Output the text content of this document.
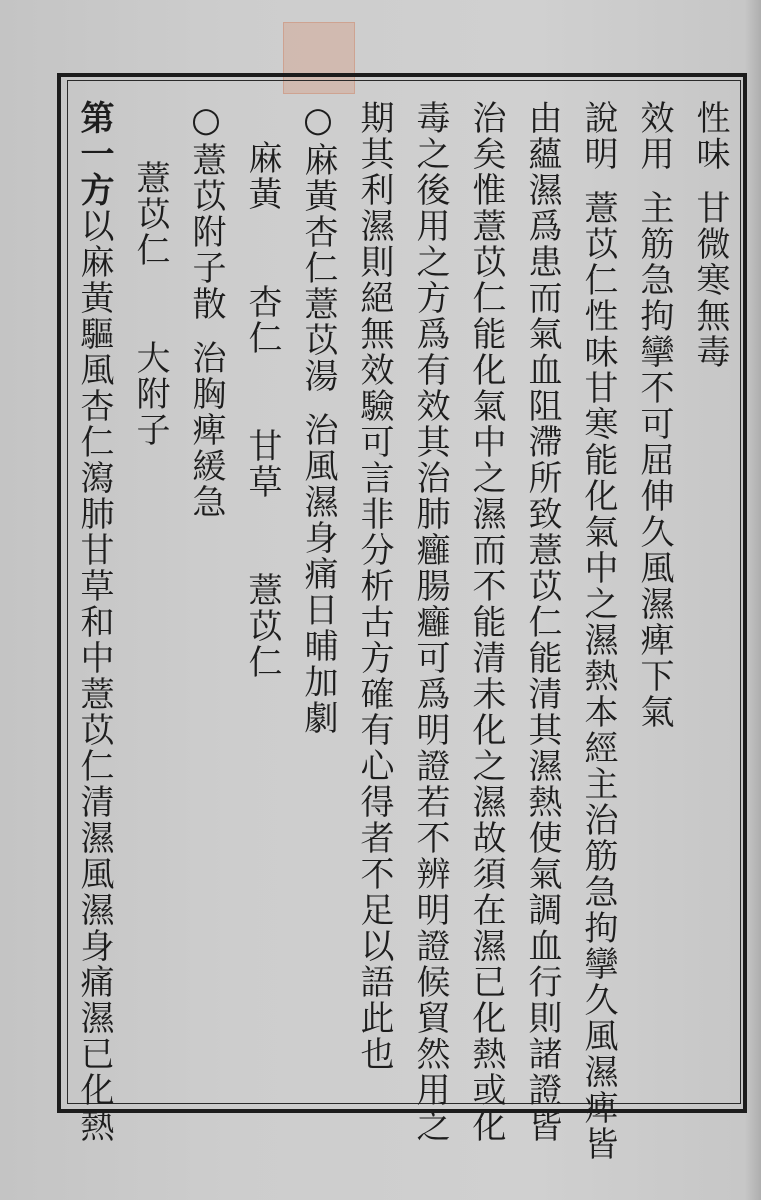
性味甘微寒無毒
效用主筋急拘攣不可屈伸久風濕痺下氣
說明薏苡仁性味甘寒能化氣中之濕熱本經主治筋急拘攣久風濕痺皆
由蘊濕爲患而氣血阻滯所致薏苡仁能清其濕熱使氣調血行則諸證皆
治矣惟薏苡仁能化氣中之濕而不能清未化之濕故須在濕已化熱或化
毒之後用之方爲有效其治肺癰腸癰可爲明證若不辨明證候貿然用之
期其利濕則絕無效驗可言非分析古方確有心得者不足以語此也
○麻黃杏仁薏苡湯治風濕身痛日晡加劇
麻黃　　杏仁　　甘草　　薏苡仁
○薏苡附子散治胸痺緩急
薏苡仁　　大附子
第一方以麻黃驅風杏仁瀉肺甘草和中薏苡仁清濕風濕身痛濕已化熱
